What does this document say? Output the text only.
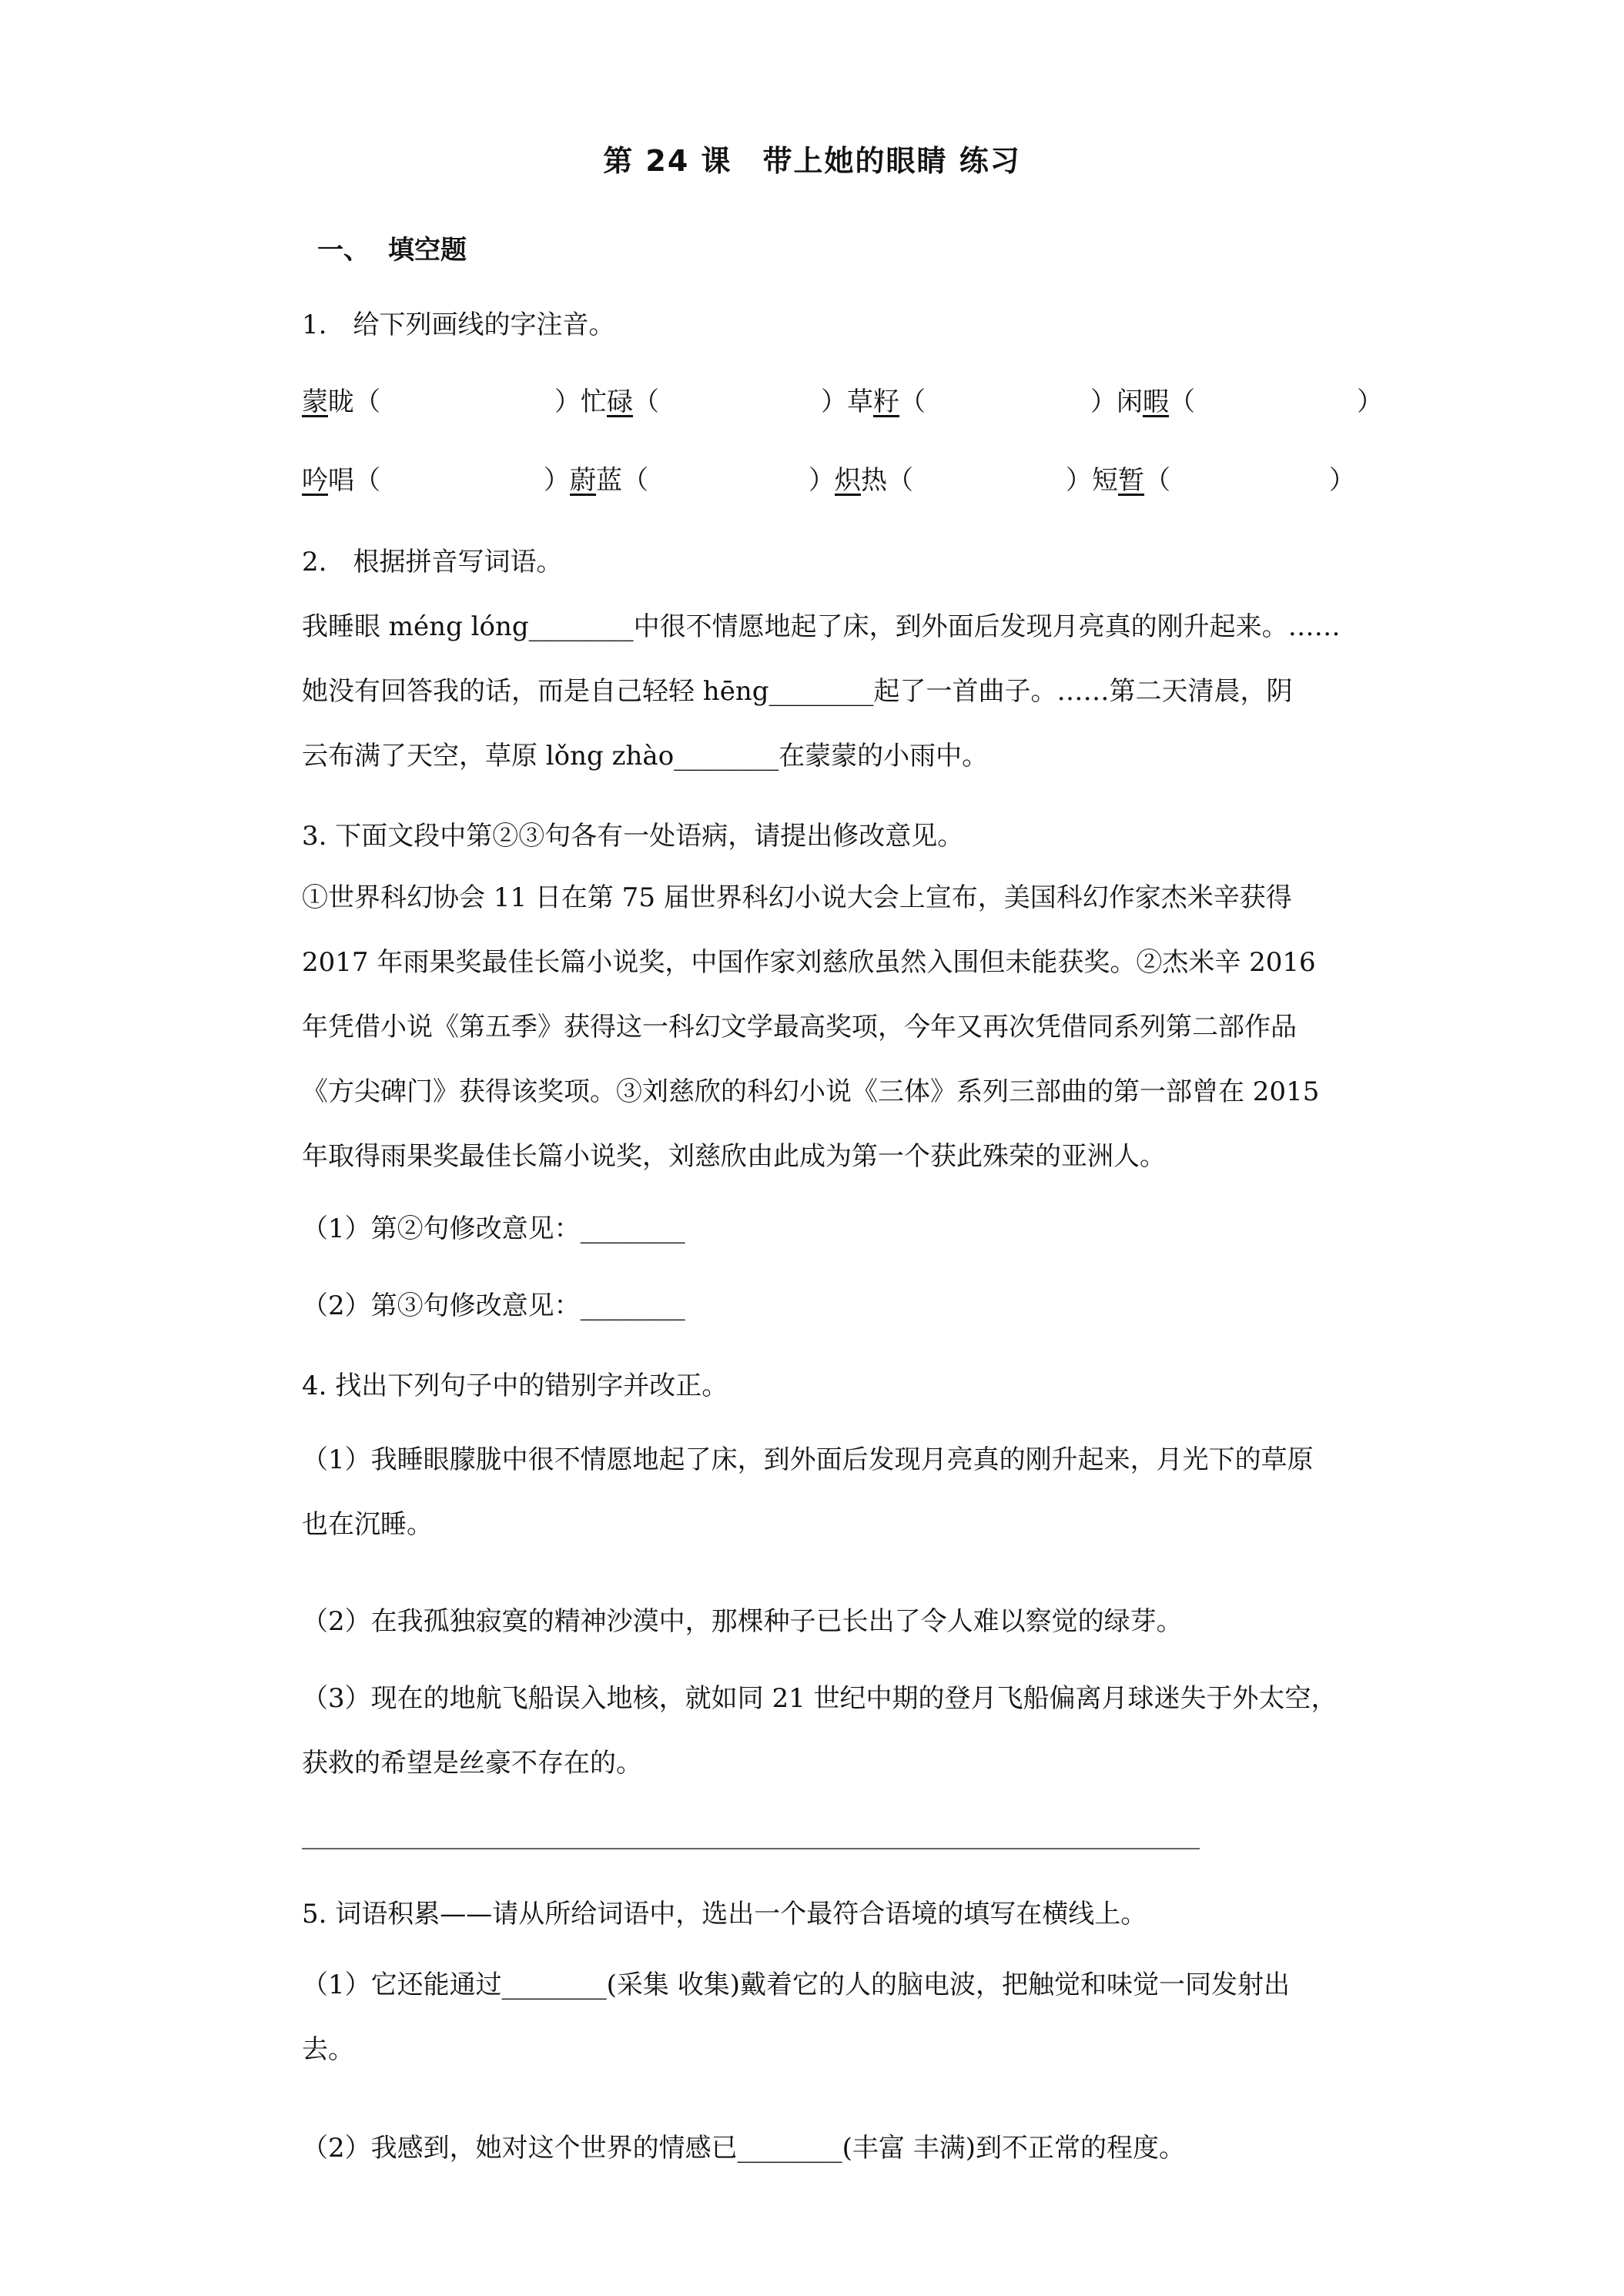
第 24 课　带上她的眼睛 练习
一、 填空题
1.　给下列画线的字注音。
蒙眬（	）忙碌（	）草籽（	）闲暇（	）
吟唱（	）蔚蓝（	）炽热（	）短暂（	）
2.　根据拼音写词语。
我睡眼 méng lóng________中很不情愿地起了床，到外面后发现月亮真的刚升起来。……
她没有回答我的话，而是自己轻轻 hēng________起了一首曲子。……第二天清晨，阴
云布满了天空，草原 lǒng zhào________在蒙蒙的小雨中。
3. 下面文段中第②③句各有一处语病，请提出修改意见。
①世界科幻协会 11 日在第 75 届世界科幻小说大会上宣布，美国科幻作家杰米辛获得
2017 年雨果奖最佳长篇小说奖，中国作家刘慈欣虽然入围但未能获奖。②杰米辛 2016
年凭借小说《第五季》获得这一科幻文学最高奖项，今年又再次凭借同系列第二部作品
《方尖碑门》获得该奖项。③刘慈欣的科幻小说《三体》系列三部曲的第一部曾在 2015
年取得雨果奖最佳长篇小说奖，刘慈欣由此成为第一个获此殊荣的亚洲人。
（1）第②句修改意见：________
（2）第③句修改意见：________
4. 找出下列句子中的错别字并改正。
（1）我睡眼朦胧中很不情愿地起了床，到外面后发现月亮真的刚升起来，月光下的草原
也在沉睡。
（2）在我孤独寂寞的精神沙漠中，那棵种子已长出了令人难以察觉的绿芽。
（3）现在的地航飞船误入地核，就如同 21 世纪中期的登月飞船偏离月球迷失于外太空，
获救的希望是丝豪不存在的。
5. 词语积累——请从所给词语中，选出一个最符合语境的填写在横线上。
（1）它还能通过________(采集 收集)戴着它的人的脑电波，把触觉和味觉一同发射出
去。
（2）我感到，她对这个世界的情感已________(丰富 丰满)到不正常的程度。
